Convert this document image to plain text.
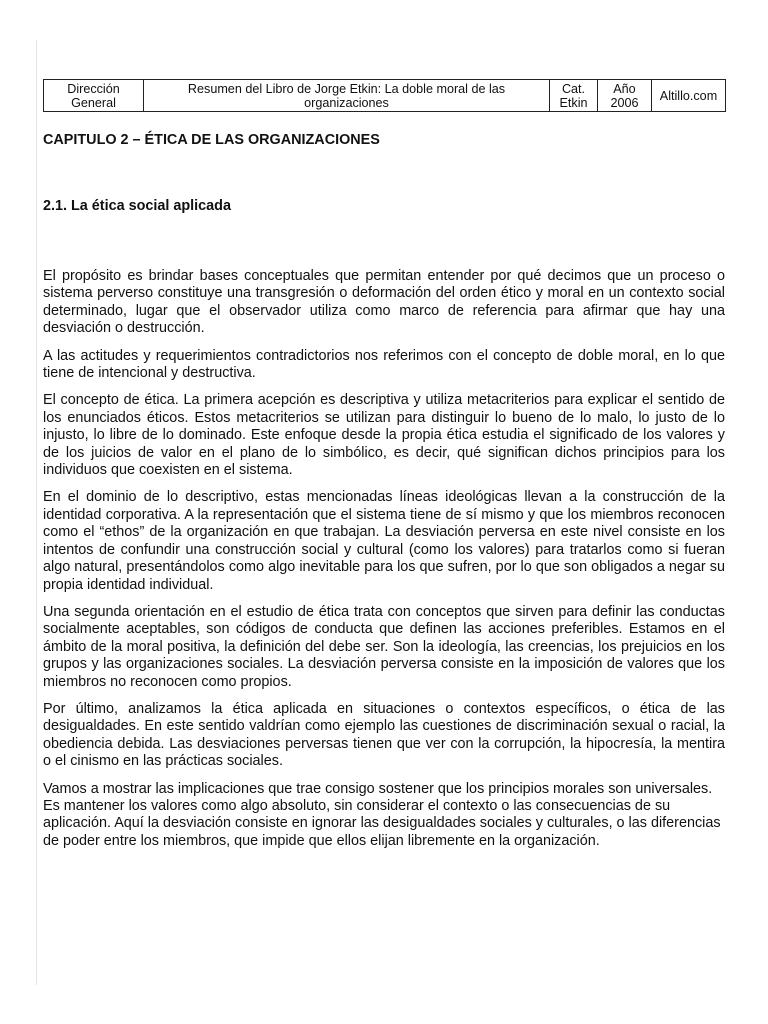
Dirección General	Resumen del Libro de Jorge Etkin: La doble moral de las organizaciones	Cat. Etkin	Año 2006	Altillo.com
CAPITULO 2 – ÉTICA DE LAS ORGANIZACIONES
2.1. La ética social aplicada

El propósito es brindar bases conceptuales que permitan entender por qué decimos que un proceso o sistema perverso constituye una transgresión o deformación del orden ético y moral en un contexto social determinado, lugar que el observador utiliza como marco de referencia para afirmar que hay una desviación o destrucción.

A las actitudes y requerimientos contradictorios nos referimos con el concepto de doble moral, en lo que tiene de intencional y destructiva.

El concepto de ética. La primera acepción es descriptiva y utiliza metacriterios para explicar el sentido de los enunciados éticos. Estos metacriterios se utilizan para distinguir lo bueno de lo malo, lo justo de lo injusto, lo libre de lo dominado. Este enfoque desde la propia ética estudia el significado de los valores y de los juicios de valor en el plano de lo simbólico, es decir, qué significan dichos principios para los individuos que coexisten en el sistema.

En el dominio de lo descriptivo, estas mencionadas líneas ideológicas llevan a la construcción de la identidad corporativa. A la representación que el sistema tiene de sí mismo y que los miembros reconocen como el “ethos” de la organización en que trabajan. La desviación perversa en este nivel consiste en los intentos de confundir una construcción social y cultural (como los valores) para tratarlos como si fueran algo natural, presentándolos como algo inevitable para los que sufren, por lo que son obligados a negar su propia identidad individual.

Una segunda orientación en el estudio de ética trata con conceptos que sirven para definir las conductas socialmente aceptables, son códigos de conducta que definen las acciones preferibles. Estamos en el ámbito de la moral positiva, la definición del debe ser. Son la ideología, las creencias, los prejuicios en los grupos y las organizaciones sociales. La desviación perversa consiste en la imposición de valores que los miembros no reconocen como propios.

Por último, analizamos la ética aplicada en situaciones o contextos específicos, o ética de las desigualdades. En este sentido valdrían como ejemplo las cuestiones de discriminación sexual o racial, la obediencia debida. Las desviaciones perversas tienen que ver con la corrupción, la hipocresía, la mentira o el cinismo en las prácticas sociales.

Vamos a mostrar las implicaciones que trae consigo sostener que los principios morales son universales. Es mantener los valores como algo absoluto, sin considerar el contexto o las consecuencias de su aplicación. Aquí la desviación consiste en ignorar las desigualdades sociales y culturales, o las diferencias de poder entre los miembros, que impide que ellos elijan libremente en la organización.
